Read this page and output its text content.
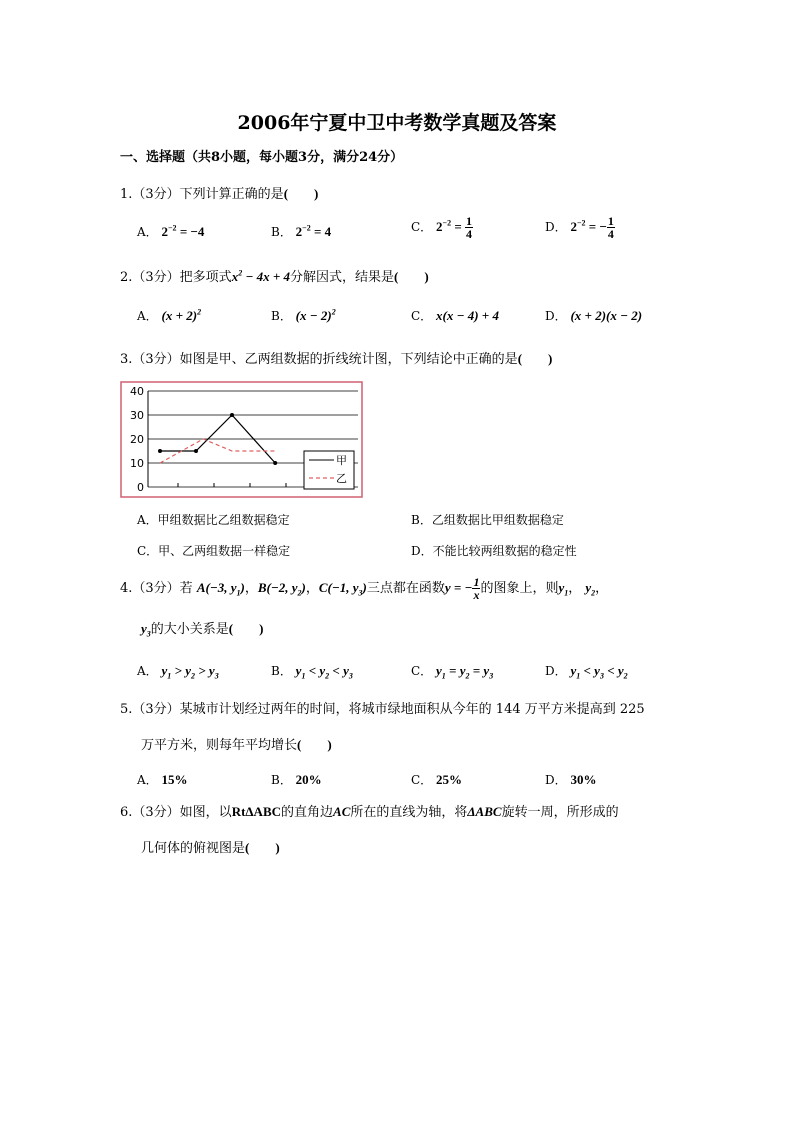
2006年宁夏中卫中考数学真题及答案
一、选择题（共8小题，每小题3分，满分24分）
1.（3分）下列计算正确的是(　　)
A． $2^{-2} = -4$	B． $2^{-2} = 4$	C． $2^{-2} = \frac{1}{4}$	D． $2^{-2}$ = − $\frac{1}{4}$
2.（3分）把多项式$x^2 - 4x + 4$分解因式，结果是(　　)
A． $(x + 2)^2$	B． $(x - 2)^2$	C． x(x − 4) + 4	D． (x + 2)(x − 2)
3.（3分）如图是甲、乙两组数据的折线统计图，下列结论中正确的是(　　)
0
10
20
30
40
甲
乙
A．甲组数据比乙组数据稳定	B．乙组数据比甲组数据稳定
C．甲、乙两组数据一样稳定	D．不能比较两组数据的稳定性
4.（3分）若 A(−3, $y_1$)，B(−2, $y_2$)，C(−1, $y_3$)三点都在函数y = − $\frac{1}{x}$ 的图象上，则$y_1$， $y_2$，
$y_3$的大小关系是(　　)
A． $y_1 > y_2 > y_3$	B． $y_1 < y_2 < y_3$	C． $y_1 = y_2 = y_3$	D． $y_1 < y_3 < y_2$
5.（3分）某城市计划经过两年的时间，将城市绿地面积从今年的 144 万平方米提高到 225
万平方米，则每年平均增长(　　)
A． 15%	B． 20%	C． 25%	D． 30%
6.（3分）如图，以RtΔABC的直角边AC所在的直线为轴，将ΔABC旋转一周，所形成的
几何体的俯视图是(　　)
